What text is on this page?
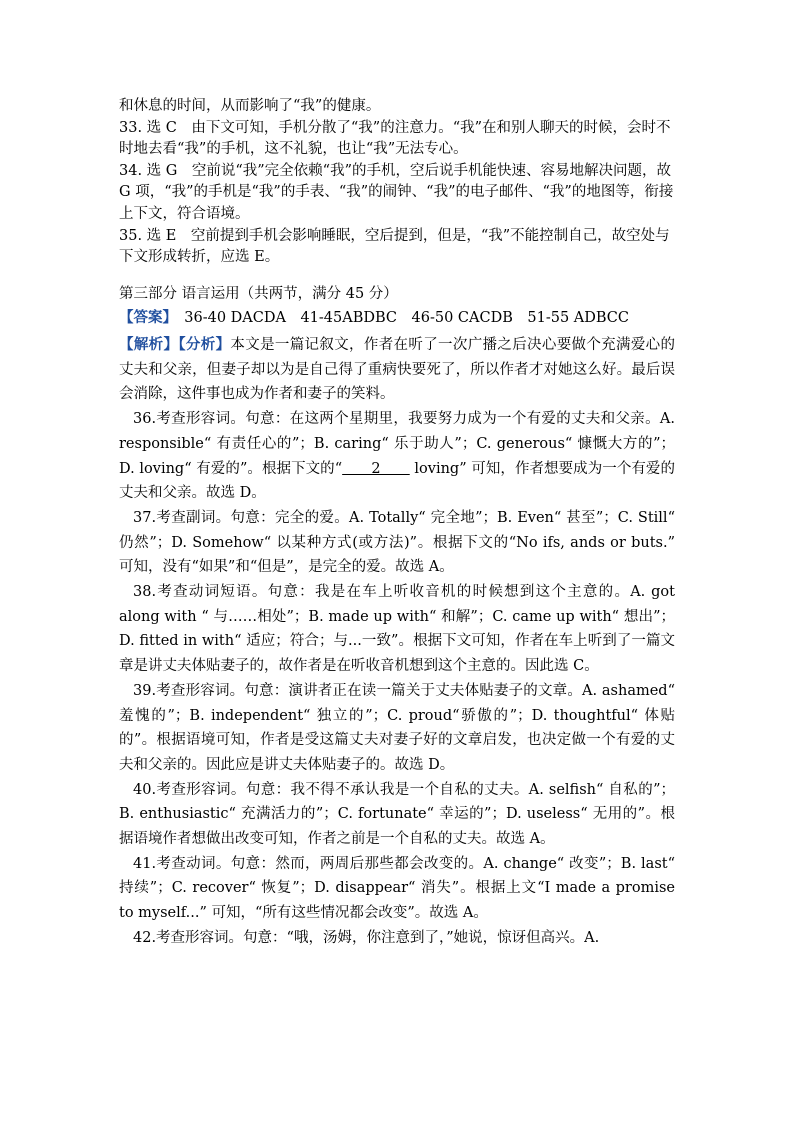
和休息的时间，从而影响了“我”的健康。

33. 选 C　由下文可知，手机分散了“我”的注意力。“我”在和别人聊天的时候，会时不时地去看“我”的手机，这不礼貌，也让“我”无法专心。

34. 选 G　空前说“我”完全依赖“我”的手机，空后说手机能快速、容易地解决问题，故 G 项，“我”的手机是“我”的手表、“我”的闹钟、“我”的电子邮件、“我”的地图等，衔接上下文，符合语境。

35. 选 E　空前提到手机会影响睡眠，空后提到，但是，“我”不能控制自己，故空处与下文形成转折，应选 E。

第三部分 语言运用（共两节，满分 45 分）

【答案】　36-40 DACDA　41-45ABDBC　46-50 CACDB　51-55 ADBCC

【解析】【分析】本文是一篇记叙文，作者在听了一次广播之后决心要做个充满爱心的丈夫和父亲，但妻子却以为是自己得了重病快要死了，所以作者才对她这么好。最后误会消除，这件事也成为作者和妻子的笑料。

36.考查形容词。句意：在这两个星期里，我要努力成为一个有爱的丈夫和父亲。A. responsible“ 有责任心的”；B. caring“ 乐于助人”；C. generous“ 慷慨大方的”；D. loving“ 有爱的”。根据下文的“　　2　　 loving” 可知，作者想要成为一个有爱的丈夫和父亲。故选 D。

37.考查副词。句意：完全的爱。A. Totally“ 完全地”；B. Even“ 甚至”；C. Still“ 仍然”；D. Somehow“ 以某种方式(或方法)”。根据下文的“No ifs, ands or buts.” 可知，没有“如果”和“但是”，是完全的爱。故选 A。

38.考查动词短语。句意：我是在车上听收音机的时候想到这个主意的。A. got along with “ 与……相处”；B. made up with“ 和解”；C. came up with“ 想出”；D. fitted in with“ 适应；符合；与...一致”。根据下文可知，作者在车上听到了一篇文章是讲丈夫体贴妻子的，故作者是在听收音机想到这个主意的。因此选 C。

39.考查形容词。句意：演讲者正在读一篇关于丈夫体贴妻子的文章。A. ashamed“ 羞愧的”；B. independent“ 独立的”；C. proud“骄傲的”；D. thoughtful“ 体贴的”。根据语境可知，作者是受这篇丈夫对妻子好的文章启发，也决定做一个有爱的丈夫和父亲的。因此应是讲丈夫体贴妻子的。故选 D。

40.考查形容词。句意：我不得不承认我是一个自私的丈夫。A. selfish“ 自私的”；B. enthusiastic“ 充满活力的”；C. fortunate“ 幸运的”；D. useless“ 无用的”。根据语境作者想做出改变可知，作者之前是一个自私的丈夫。故选 A。

41.考查动词。句意：然而，两周后那些都会改变的。A. change“ 改变”；B. last“ 持续”；C. recover“ 恢复”；D. disappear“ 消失”。根据上文“I made a promise to myself...” 可知，“所有这些情况都会改变”。故选 A。

42.考查形容词。句意：“哦，汤姆，你注意到了，”她说，惊讶但高兴。A.
